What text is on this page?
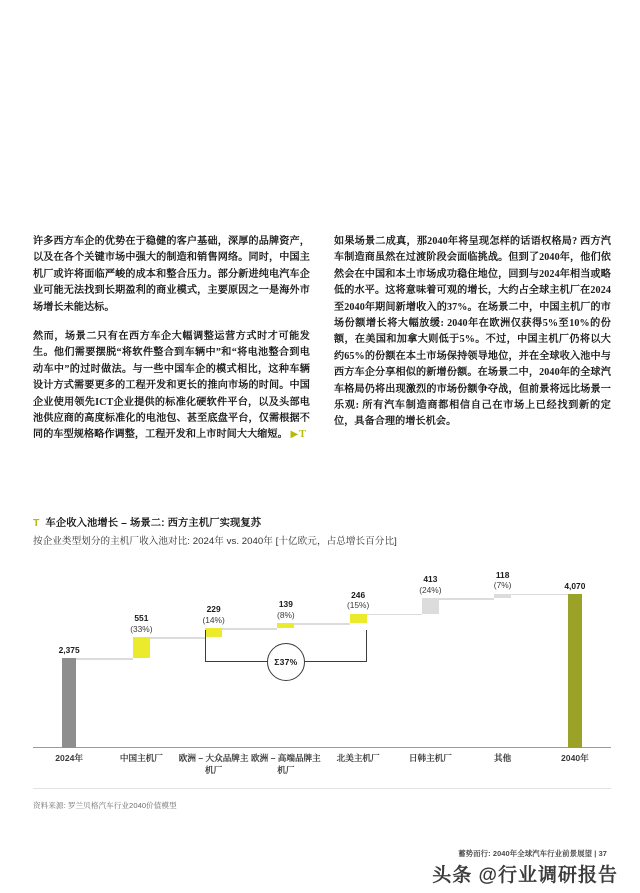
许多西方车企的优势在于稳健的客户基础，深厚的品牌资产，以及在各个关键市场中强大的制造和销售网络。同时，中国主机厂或许将面临严峻的成本和整合压力。部分新进纯电汽车企业可能无法找到长期盈利的商业模式，主要原因之一是海外市场增长未能达标。

然而，场景二只有在西方车企大幅调整运营方式时才可能发生。他们需要摆脱“将软件整合到车辆中”和“将电池整合到电动车中”的过时做法。与一些中国车企的模式相比，这种车辆设计方式需要更多的工程开发和更长的推向市场的时间。中国企业使用领先ICT企业提供的标准化硬软件平台，以及头部电池供应商的高度标准化的电池包、甚至底盘平台，仅需根据不同的车型规格略作调整，工程开发和上市时间大大缩短。 ▶T

如果场景二成真，那2040年将呈现怎样的话语权格局? 西方汽车制造商虽然在过渡阶段会面临挑战。但到了2040年，他们依然会在中国和本土市场成功稳住地位，回到与2024年相当或略低的水平。这将意味着可观的增长，大约占全球主机厂在2024至2040年期间新增收入的37%。在场景二中，中国主机厂的市场份额增长将大幅放缓: 2040年在欧洲仅获得5%至10%的份额，在美国和加拿大则低于5%。不过，中国主机厂仍将以大约65%的份额在本土市场保持领导地位，并在全球收入池中与西方车企分享相似的新增份额。在场景二中，2040年的全球汽车格局仍将出现激烈的市场份额争夺战，但前景将远比场景一乐观: 所有汽车制造商都相信自己在市场上已经找到新的定位，具备合理的增长机会。

T 车企收入池增长 – 场景二: 西方主机厂实现复苏
按企业类型划分的主机厂收入池对比: 2024年 vs. 2040年 [十亿欧元，占总增长百分比]
2,375
551
(33%)
229
(14%)
139
(8%)
246
(15%)
413
(24%)
118
(7%)	4,070
Σ37%
2024年	中国主机厂	欧洲 – 大众品牌主机厂
欧洲 – 高端品牌主机厂
北美主机厂	日韩主机厂	其他	2040年
资料来源: 罗兰贝格汽车行业2040价值模型
蓄势而行: 2040年全球汽车行业前景展望 | 37
头条 @行业调研报告
